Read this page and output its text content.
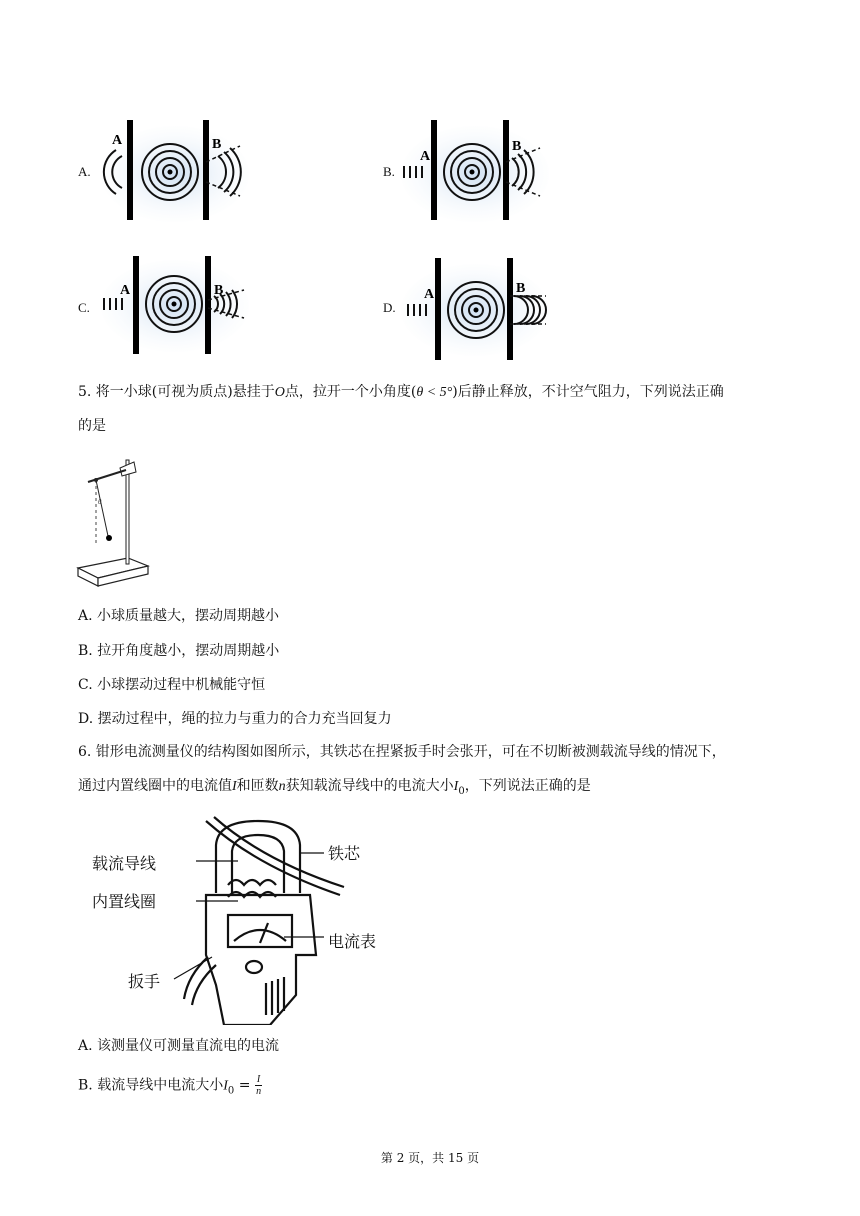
A.
A	B
B.
A
B
C.
A	B
D.
A	B
5. 将一小球(可视为质点)悬挂于O点，拉开一个小角度(θ < 5°)后静止释放，不计空气阻力，下列说法正确
的是
θ
A. 小球质量越大，摆动周期越小
B. 拉开角度越小，摆动周期越小
C. 小球摆动过程中机械能守恒
D. 摆动过程中，绳的拉力与重力的合力充当回复力
6. 钳形电流测量仪的结构图如图所示，其铁芯在捏紧扳手时会张开，可在不切断被测载流导线的情况下，
通过内置线圈中的电流值I和匝数n获知载流导线中的电流大小$I_0$，下列说法正确的是
载流导线
内置线圈
铁芯
电流表
扳手
A. 该测量仪可测量直流电的电流
B. 载流导线中电流大小$I_0 = \frac{I}{n}$
第 2 页，共 15 页
